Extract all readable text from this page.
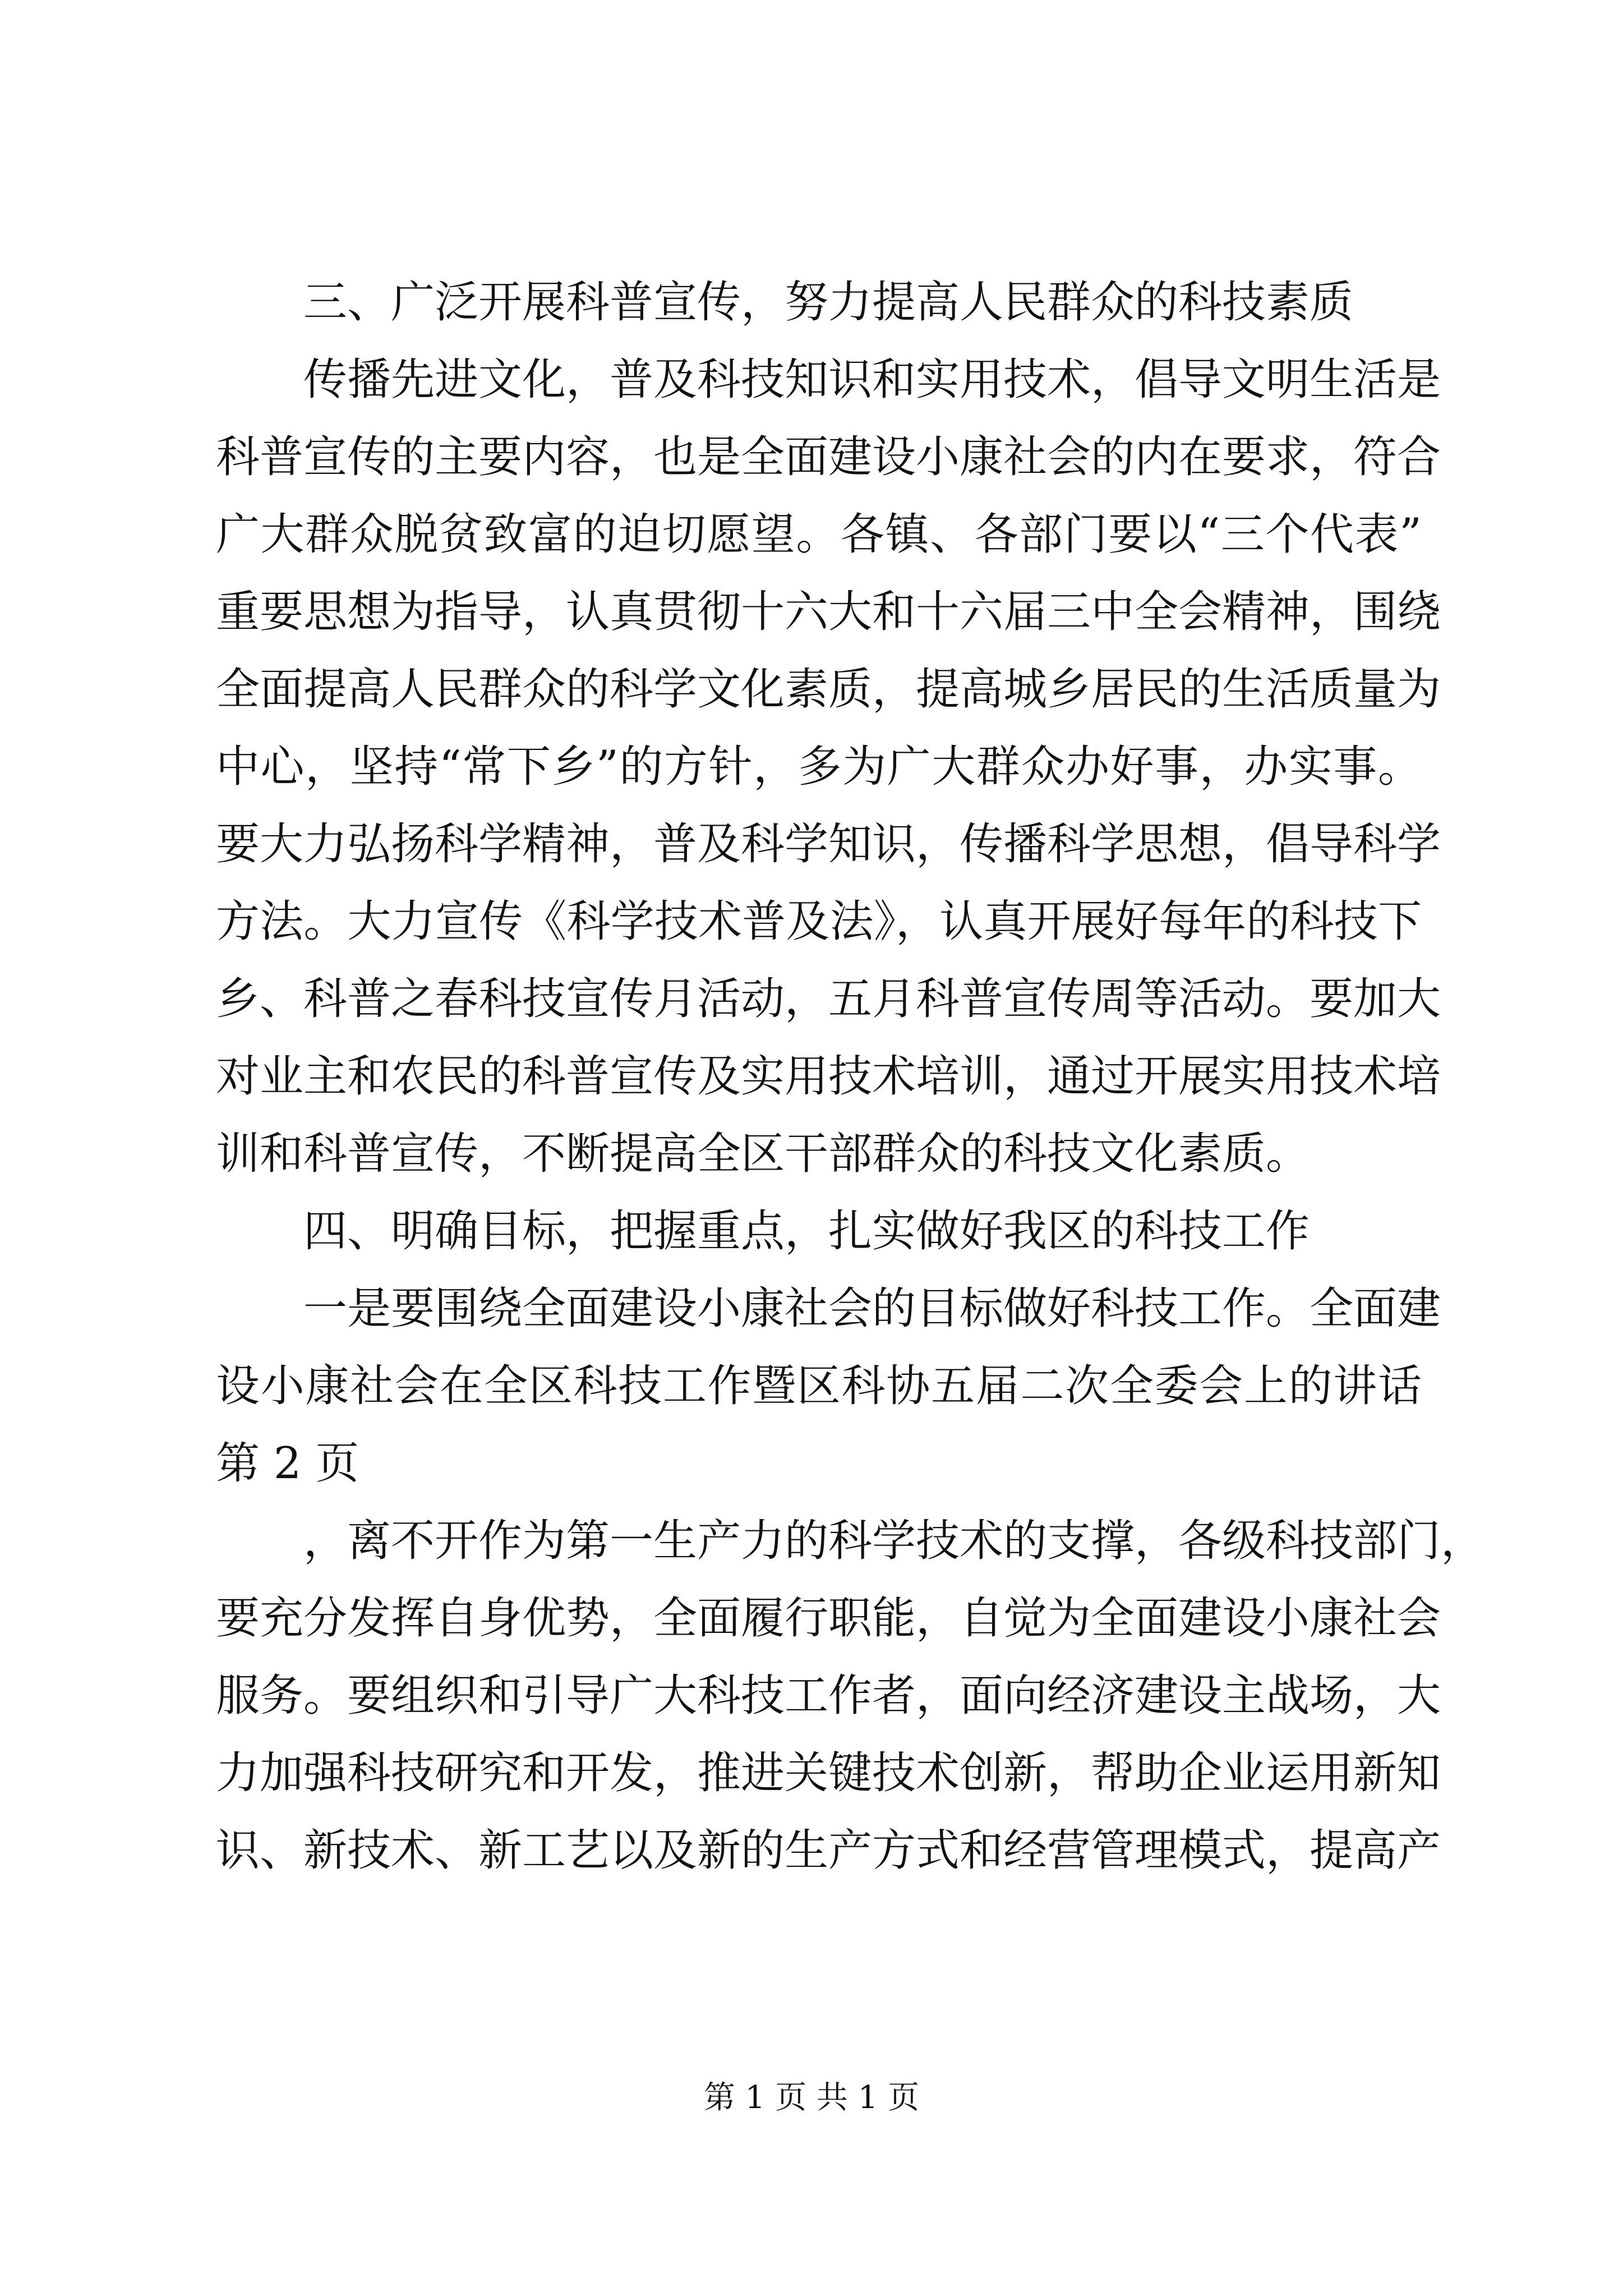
三、广泛开展科普宣传，努力提高人民群众的科技素质
传播先进文化，普及科技知识和实用技术，倡导文明生活是
科普宣传的主要内容，也是全面建设小康社会的内在要求，符合
广大群众脱贫致富的迫切愿望。各镇、各部门要以“三个代表”
重要思想为指导，认真贯彻十六大和十六届三中全会精神，围绕
全面提高人民群众的科学文化素质，提高城乡居民的生活质量为
中心，坚持“常下乡”的方针，多为广大群众办好事，办实事。
要大力弘扬科学精神，普及科学知识，传播科学思想，倡导科学
方法。大力宣传《科学技术普及法》，认真开展好每年的科技下
乡、科普之春科技宣传月活动，五月科普宣传周等活动。要加大
对业主和农民的科普宣传及实用技术培训，通过开展实用技术培
训和科普宣传，不断提高全区干部群众的科技文化素质。
四、明确目标，把握重点，扎实做好我区的科技工作
一是要围绕全面建设小康社会的目标做好科技工作。全面建
设小康社会在全区科技工作暨区科协五届二次全委会上的讲话
第 2 页
，离不开作为第一生产力的科学技术的支撑，各级科技部门，
要充分发挥自身优势，全面履行职能，自觉为全面建设小康社会
服务。要组织和引导广大科技工作者，面向经济建设主战场，大
力加强科技研究和开发，推进关键技术创新，帮助企业运用新知
识、新技术、新工艺以及新的生产方式和经营管理模式，提高产
第 1 页 共 1 页
